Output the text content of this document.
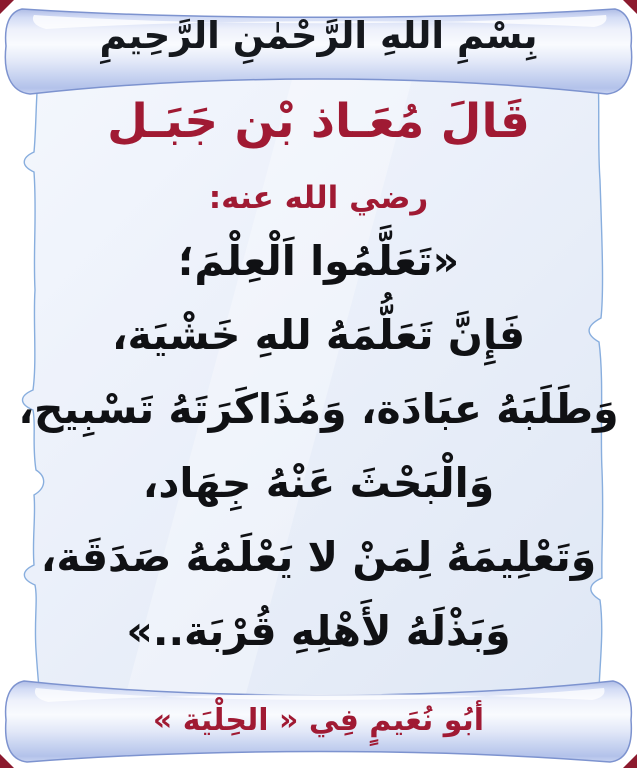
بِسْمِ اللهِ الرَّحْمٰنِ الرَّحِيمِ
قَالَ مُعَـاذ بْن جَبَـل
رضي الله عنه:
«تَعَلَّمُوا اَلْعِلْمَ؛
فَإِنَّ تَعَلُّمَهُ للهِ خَشْيَة،
وَطَلَبَهُ عبَادَة، وَمُذَاكَرَتَهُ تَسْبِيح،
وَالْبَحْثَ عَنْهُ جِهَاد،
وَتَعْلِيمَهُ لِمَنْ لا يَعْلَمُهُ صَدَقَة،
وَبَذْلَهُ لأَهْلِهِ قُرْبَة..»
أبُو نُعَيمٍ فِي « الحِلْيَة »
